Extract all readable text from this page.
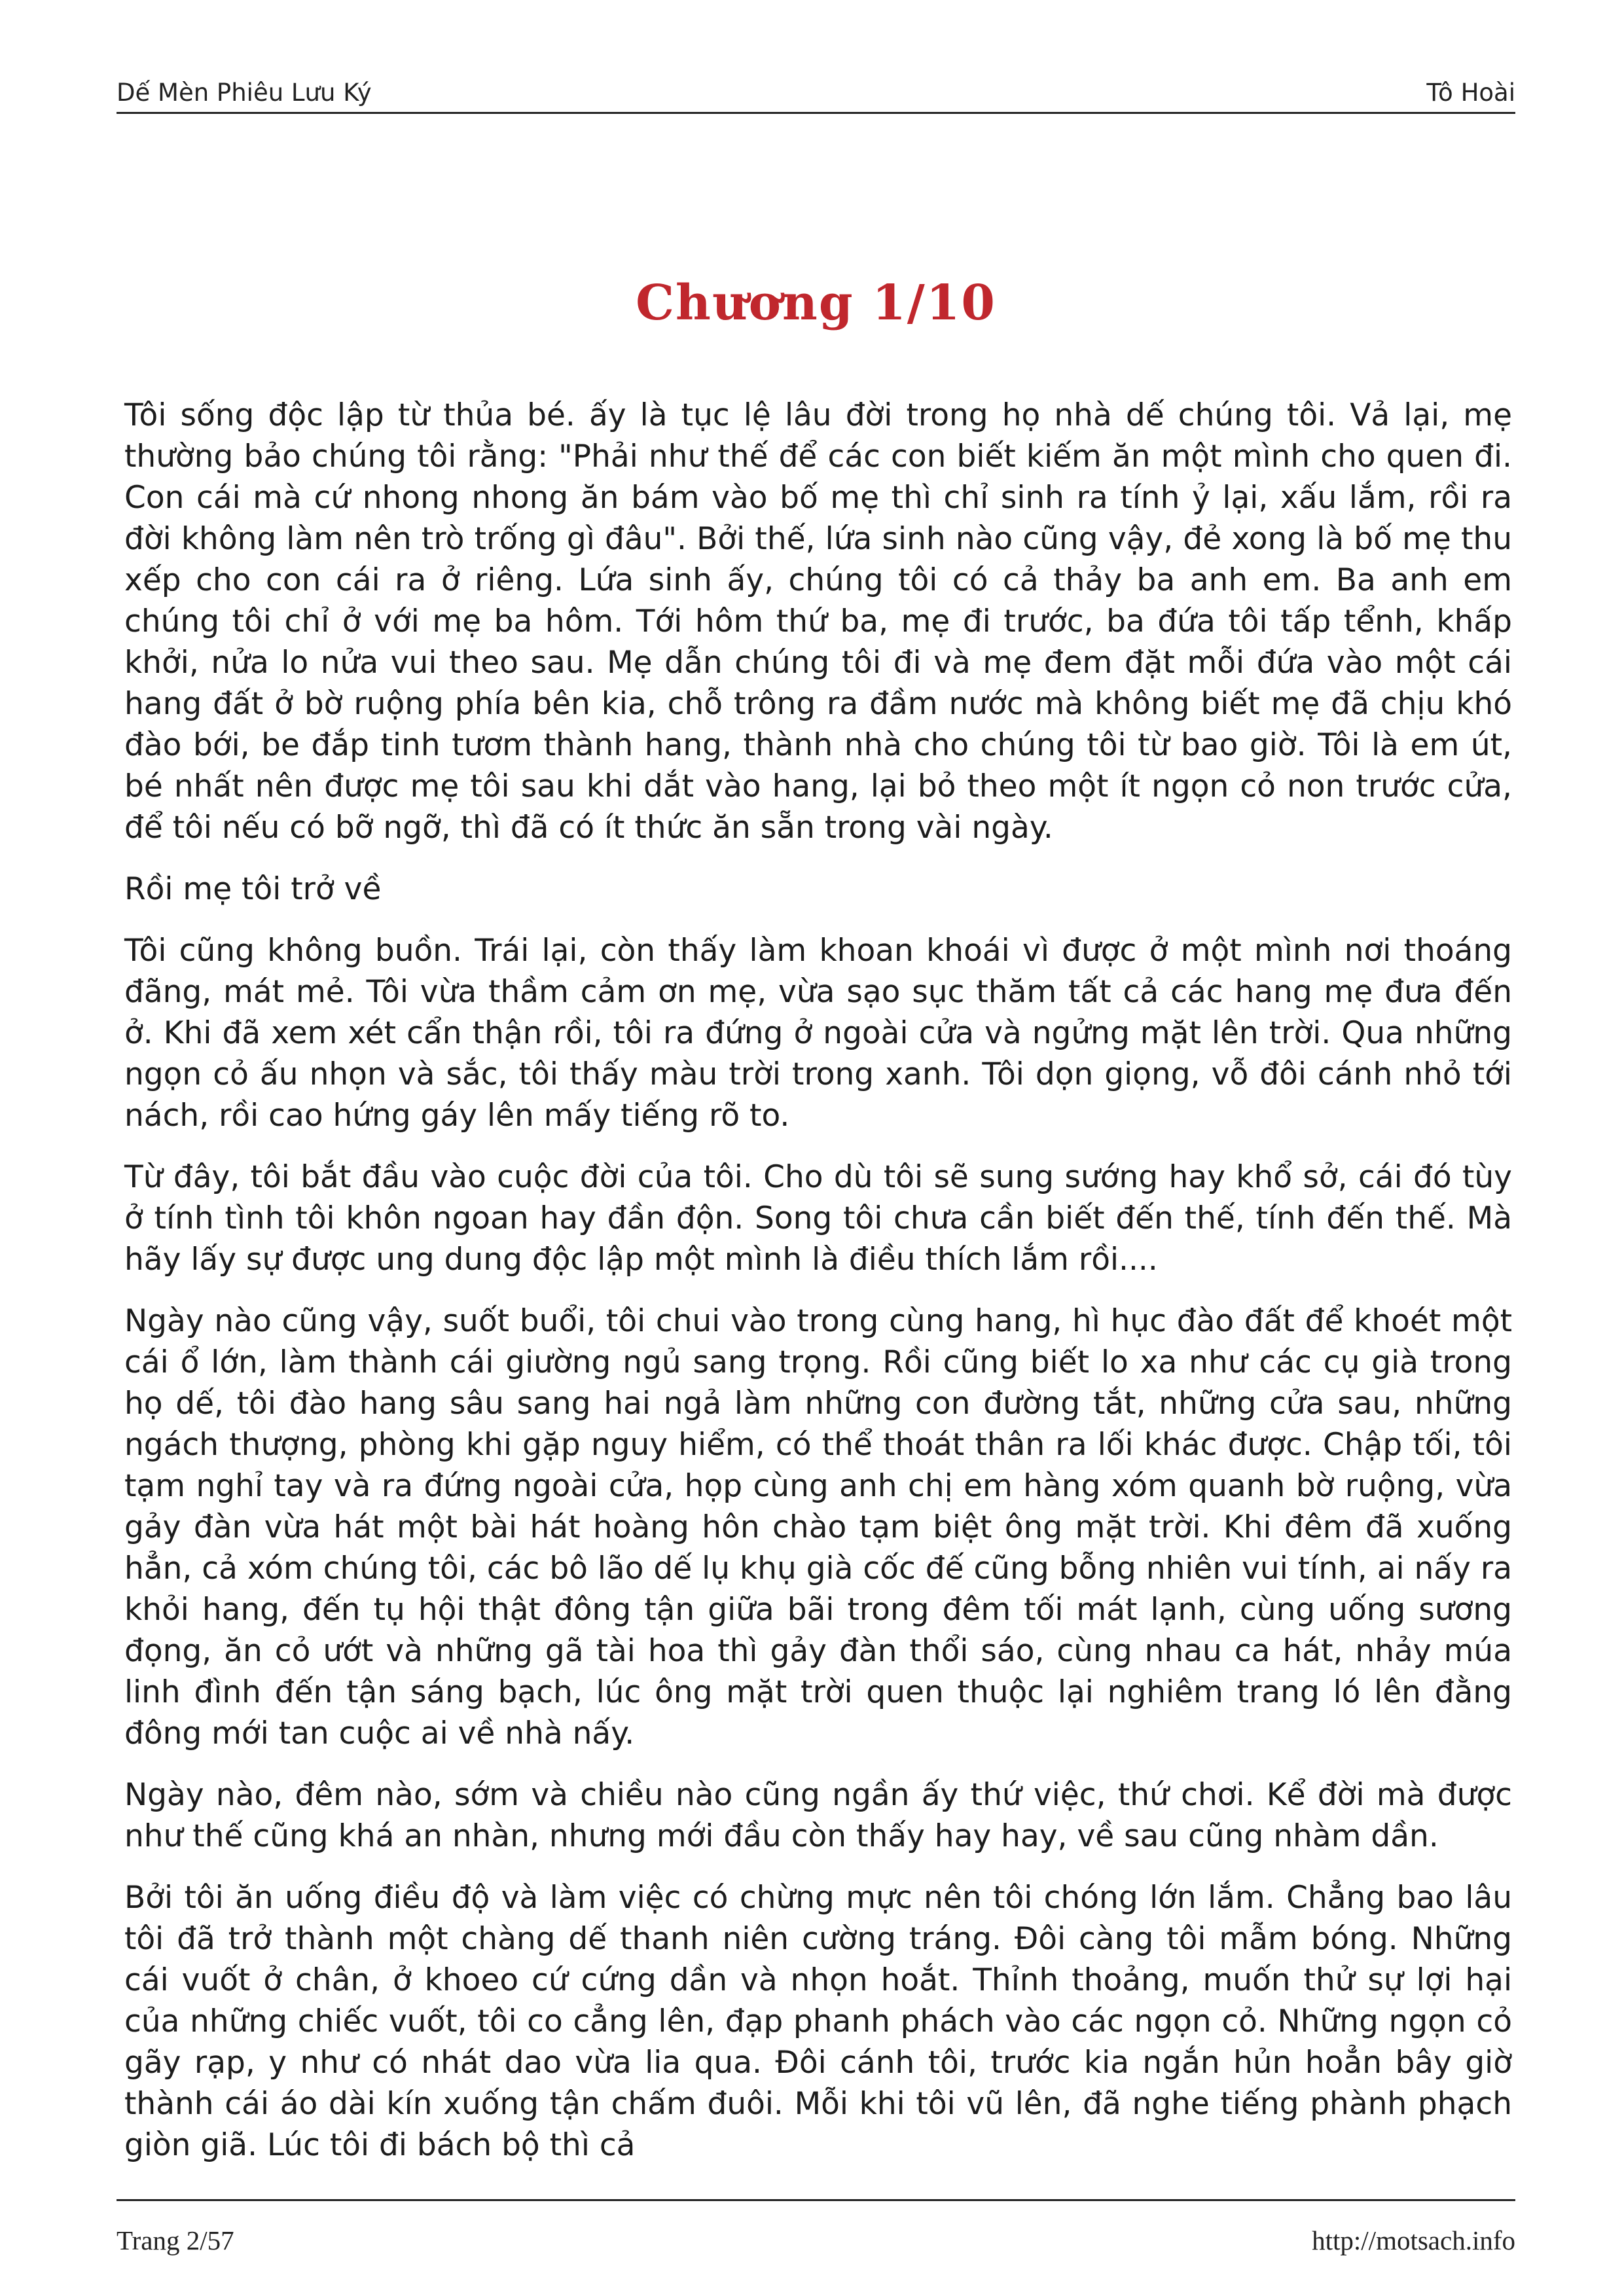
Dế Mèn Phiêu Lưu Ký	Tô Hoài
Chương 1/10

Tôi sống độc lập từ thủa bé. ấy là tục lệ lâu đời trong họ nhà dế chúng tôi. Vả lại, mẹ thường bảo chúng tôi rằng: "Phải như thế để các con biết kiếm ăn một mình cho quen đi. Con cái mà cứ nhong nhong ăn bám vào bố mẹ thì chỉ sinh ra tính ỷ lại, xấu lắm, rồi ra đời không làm nên trò trống gì đâu". Bởi thế, lứa sinh nào cũng vậy, đẻ xong là bố mẹ thu xếp cho con cái ra ở riêng. Lứa sinh ấy, chúng tôi có cả thảy ba anh em. Ba anh em chúng tôi chỉ ở với mẹ ba hôm. Tới hôm thứ ba, mẹ đi trước, ba đứa tôi tấp tểnh, khấp khởi, nửa lo nửa vui theo sau. Mẹ dẫn chúng tôi đi và mẹ đem đặt mỗi đứa vào một cái hang đất ở bờ ruộng phía bên kia, chỗ trông ra đầm nước mà không biết mẹ đã chịu khó đào bới, be đắp tinh tươm thành hang, thành nhà cho chúng tôi từ bao giờ. Tôi là em út, bé nhất nên được mẹ tôi sau khi dắt vào hang, lại bỏ theo một ít ngọn cỏ non trước cửa, để tôi nếu có bỡ ngỡ, thì đã có ít thức ăn sẵn trong vài ngày.

Rồi mẹ tôi trở về

Tôi cũng không buồn. Trái lại, còn thấy làm khoan khoái vì được ở một mình nơi thoáng đãng, mát mẻ. Tôi vừa thầm cảm ơn mẹ, vừa sạo sục thăm tất cả các hang mẹ đưa đến ở. Khi đã xem xét cẩn thận rồi, tôi ra đứng ở ngoài cửa và ngửng mặt lên trời. Qua những ngọn cỏ ấu nhọn và sắc, tôi thấy màu trời trong xanh. Tôi dọn giọng, vỗ đôi cánh nhỏ tới nách, rồi cao hứng gáy lên mấy tiếng rõ to.

Từ đây, tôi bắt đầu vào cuộc đời của tôi. Cho dù tôi sẽ sung sướng hay khổ sở, cái đó tùy ở tính tình tôi khôn ngoan hay đần độn. Song tôi chưa cần biết đến thế, tính đến thế. Mà hãy lấy sự được ung dung độc lập một mình là điều thích lắm rồi....

Ngày nào cũng vậy, suốt buổi, tôi chui vào trong cùng hang, hì hục đào đất để khoét một cái ổ lớn, làm thành cái giường ngủ sang trọng. Rồi cũng biết lo xa như các cụ già trong họ dế, tôi đào hang sâu sang hai ngả làm những con đường tắt, những cửa sau, những ngách thượng, phòng khi gặp nguy hiểm, có thể thoát thân ra lối khác được. Chập tối, tôi tạm nghỉ tay và ra đứng ngoài cửa, họp cùng anh chị em hàng xóm quanh bờ ruộng, vừa gảy đàn vừa hát một bài hát hoàng hôn chào tạm biệt ông mặt trời. Khi đêm đã xuống hẳn, cả xóm chúng tôi, các bô lão dế lụ khụ già cốc đế cũng bỗng nhiên vui tính, ai nấy ra khỏi hang, đến tụ hội thật đông tận giữa bãi trong đêm tối mát lạnh, cùng uống sương đọng, ăn cỏ ướt và những gã tài hoa thì gảy đàn thổi sáo, cùng nhau ca hát, nhảy múa linh đình đến tận sáng bạch, lúc ông mặt trời quen thuộc lại nghiêm trang ló lên đằng đông mới tan cuộc ai về nhà nấy.

Ngày nào, đêm nào, sớm và chiều nào cũng ngần ấy thứ việc, thứ chơi. Kể đời mà được như thế cũng khá an nhàn, nhưng mới đầu còn thấy hay hay, về sau cũng nhàm dần.

Bởi tôi ăn uống điều độ và làm việc có chừng mực nên tôi chóng lớn lắm. Chẳng bao lâu tôi đã trở thành một chàng dế thanh niên cường tráng. Đôi càng tôi mẫm bóng. Những cái vuốt ở chân, ở khoeo cứ cứng dần và nhọn hoắt. Thỉnh thoảng, muốn thử sự lợi hại của những chiếc vuốt, tôi co cẳng lên, đạp phanh phách vào các ngọn cỏ. Những ngọn cỏ gãy rạp, y như có nhát dao vừa lia qua. Đôi cánh tôi, trước kia ngắn hủn hoẳn bây giờ thành cái áo dài kín xuống tận chấm đuôi. Mỗi khi tôi vũ lên, đã nghe tiếng phành phạch giòn giã. Lúc tôi đi bách bộ thì cả

Trang 2/57	http://motsach.info
